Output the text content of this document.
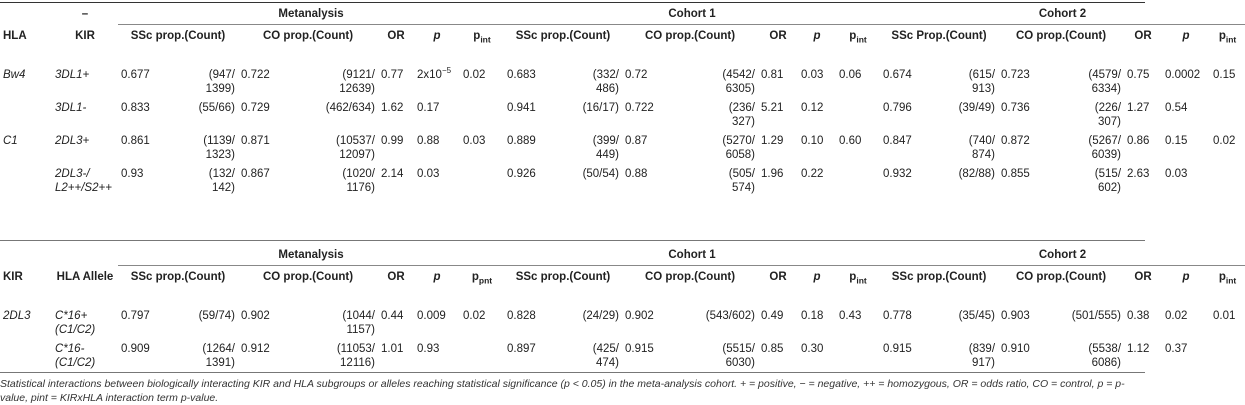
	–	Metanalysis							Cohort 1							Cohort 2						
HLA	KIR	SSc prop.(Count)		CO prop.(Count)		OR	p	$p_{int}$	SSc prop.(Count)		CO prop.(Count)		OR	p	$p_{int}$	SSc Prop.(Count)		CO prop.(Count)		OR	p	$p_{int}$
Bw4	3DL1+	0.677	(947/
1399)	0.722	(9121/
12639)	0.77	$2x10^{-5}$	0.02	0.683	(332/
486)	0.72	(4542/
6305)	0.81	0.03	0.06	0.674	(615/
913)	0.723	(4579/
6334)	0.75	0.0002	0.15
	3DL1-	0.833	(55/66)	0.729	(462/634)	1.62	0.17		0.941	(16/17)	0.722	(236/
327)	5.21	0.12		0.796	(39/49)	0.736	(226/
307)	1.27	0.54	
C1	2DL3+	0.861	(1139/
1323)	0.871	(10537/
12097)	0.99	0.88	0.03	0.889	(399/
449)	0.87	(5270/
6058)	1.29	0.10	0.60	0.847	(740/
874)	0.872	(5267/
6039)	0.86	0.15	0.02
	2DL3-/
L2++/S2++	0.93	(132/
142)	0.867	(1020/
1176)	2.14	0.03		0.926	(50/54)	0.88	(505/
574)	1.96	0.22		0.932	(82/88)	0.855	(515/
602)	2.63	0.03	
		Metanalysis							Cohort 1							Cohort 2						
KIR	HLA Allele	SSc prop.(Count)		CO prop.(Count)		OR	p	$p_{pnt}$	SSc prop.(Count)		CO prop.(Count)		OR	p	$p_{int}$	SSc prop.(Count)		CO prop.(Count)		OR	p	$p_{int}$
2DL3	C*16+
(C1/C2)	0.797	(59/74)	0.902	(1044/
1157)	0.44	0.009	0.02	0.828	(24/29)	0.902	(543/602)	0.49	0.18	0.43	0.778	(35/45)	0.903	(501/555)	0.38	0.02	0.01
	C*16-
(C1/C2)	0.909	(1264/
1391)	0.912	(11053/
12116)	1.01	0.93		0.897	(425/
474)	0.915	(5515/
6030)	0.85	0.30		0.915	(839/
917)	0.910	(5538/
6086)	1.12	0.37	
Statistical interactions between biologically interacting KIR and HLA subgroups or alleles reaching statistical significance (p < 0.05) in the meta-analysis cohort. + = positive, − = negative, ++ = homozygous, OR = odds ratio, CO = control, p = p-value, pint = KIRxHLA interaction term p-value.
